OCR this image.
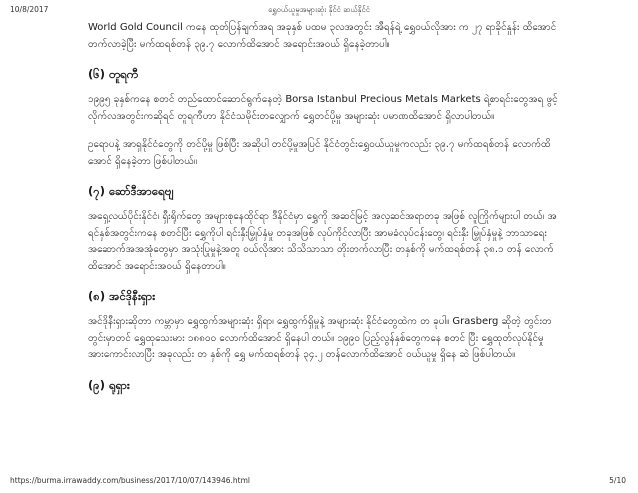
10/8/2017	ရွှေဝယ်ယူမှုအများဆုံး နိုင်ငံ ဆယ်နိုင်ငံ

World Gold Council ကနေ ထုတ်ပြန်ချက်အရ အခုနှစ် ပထမ ၃လအတွင်း အီရန်ရဲ့ ရွှေဝယ်လိုအား က ၂၇ ရာခိုင်နှုန်း ထိအောင် တက်လာခဲ့ပြီး မက်ထရစ်တန် ၃၉.၇ လောက်ထိအောင် အရောင်းအဝယ် ရှိနေခဲ့တာပါ။

(၆) တူရကီ

၁၉၉၅ ခုနှစ်ကနေ စတင် တည်ထောင်ဆောင်ရွက်နေတဲ့ Borsa Istanbul Precious Metals Markets ရဲ့စာရင်းတွေအရ ဖွင့်လိုက်လအတွင်းကဆိုရင် တူရကီဟာ နိုင်ငံသမိုင်းတလျှောက် ရွှေတင်ပို့မှု အများဆုံး ပမာဏထိအောင် ရှိလာပါတယ်။

ဥရောပနဲ့ အာရှနိုင်ငံတွေကို တင်ပို့မှု ဖြစ်ပြီး အဆိုပါ တင်ပို့မှုအပြင် နိုင်ငံတွင်းရွှေဝယ်ယူမှုကလည်း ၃၉.၇ မက်ထရစ်တန် လောက်ထိအောင် ရှိနေခဲ့တာ ဖြစ်ပါတယ်။

(၇) ဆော်ဒီအာရေဗျ

အရှေ့လယ်ပိုင်းနိုင်ငံ၊ ရှီးရိုက်တွေ အများစုနေထိုင်ရာ ဒီနိုင်ငံမှာ ရွှေကို အဆင်မြင့် အလှဆင်အရာတခု အဖြစ် လူကြိုက်များပါ တယ်၊ အရင်နှစ်အတွင်းကနေ စတင်ပြီး ရွှေကိုပါ ရင်းနှီးမြှုပ်နှံမှု တခုအဖြစ် လုပ်ကိုင်လာပြီး အာမခံလုပ်ငန်းတွေ၊ ရင်းနှီး မြှုပ်နှံမှုနဲ့ ဘာသာရေး အဆောက်အအအုံတွေမှာ အသုံးပြုမှုနဲ့အတူ ဝယ်လိုအား သိသိသာသာ တိုးတက်လာပြီး တနှစ်ကို မက်ထရစ်တန် ၃၈.၁ တန် လောက်ထိအောင် အရောင်းအဝယ် ရှိနေတာပါ။

(၈) အင်ဒိုနီးရှား

အင်ဒိုနီးရှားဆိုတာ ကမ္ဘာမှာ ရွှေထွက်အများဆုံး ရှိရာ၊ ရွှေထွက်ရှိမှုနဲ့ အများဆုံး နိုင်ငံတွေထဲက တ ခုပါ။ Grasberg ဆိုတဲ့ တွင်းတတွင်းမှာတင် ရွှေထုသေးမား ၁၈၈၀၀ လောက်ထိအောင် ရှိနေပါ တယ်။ ၁၉၉၀ ပြည့်လွန်နှစ်တွေကနေ စတင် ပြီး ရွှေထုတ်လုပ်နိုင်မှု အားကောင်းလာပြီး အခုလည်း တ နှစ်ကို ရွှေ မက်ထရစ်တန် ၃၄.၂ တန်လောက်ထိအောင် ဝယ်ယူမှု ရှိနေ ဆဲ ဖြစ်ပါတယ်။

(၉) ရုရှား

https://burma.irrawaddy.com/business/2017/10/07/143946.html	5/10
